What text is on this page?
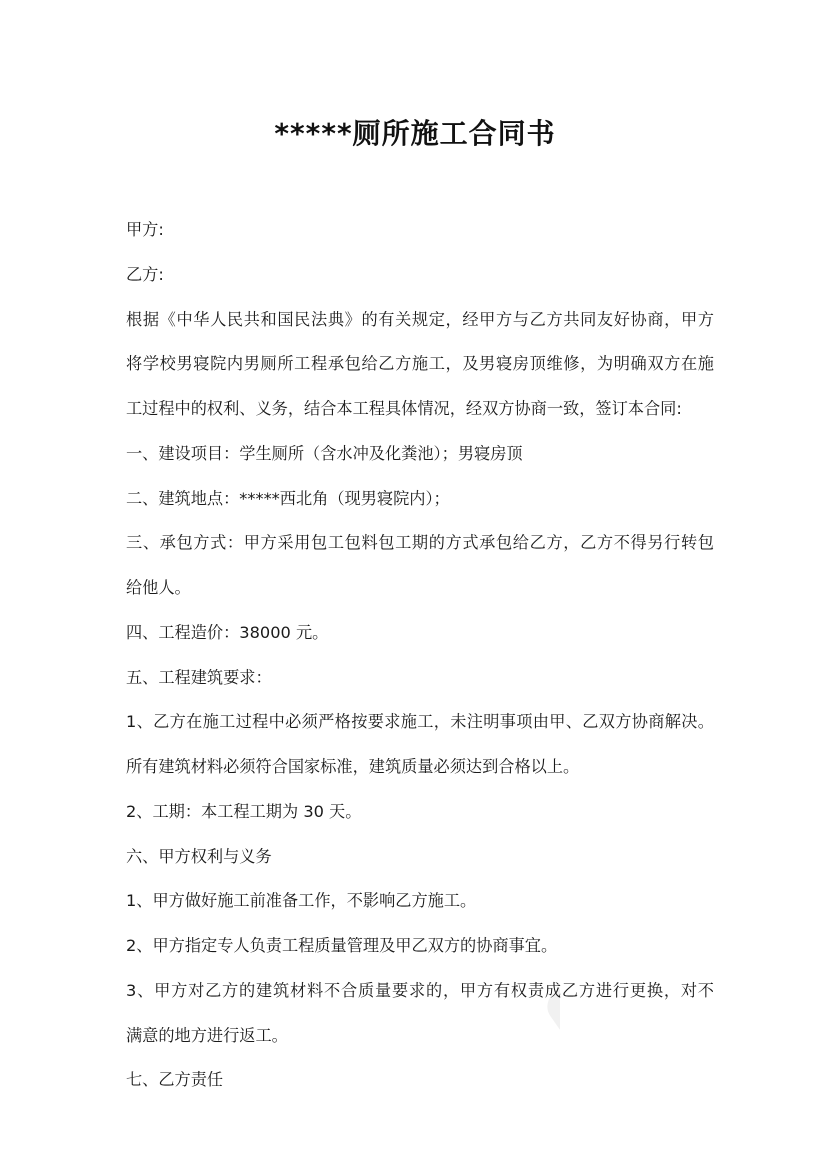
*****厕所施工合同书
甲方:
乙方:
根据《中华人民共和国民法典》的有关规定，经甲方与乙方共同友好协商，甲方
将学校男寝院内男厕所工程承包给乙方施工，及男寝房顶维修，为明确双方在施
工过程中的权利、义务，结合本工程具体情况，经双方协商一致，签订本合同:
一、建设项目：学生厕所（含水冲及化粪池）；男寝房顶
二、建筑地点：*****西北角（现男寝院内）；
三、承包方式：甲方采用包工包料包工期的方式承包给乙方，乙方不得另行转包
给他人。
四、工程造价：38000 元。
五、工程建筑要求：
1、乙方在施工过程中必须严格按要求施工，未注明事项由甲、乙双方协商解决。
所有建筑材料必须符合国家标准，建筑质量必须达到合格以上。
2、工期：本工程工期为 30 天。
六、甲方权利与义务
1、甲方做好施工前准备工作，不影响乙方施工。
2、甲方指定专人负责工程质量管理及甲乙双方的协商事宜。
3、甲方对乙方的建筑材料不合质量要求的，甲方有权责成乙方进行更换，对不
满意的地方进行返工。
七、乙方责任
